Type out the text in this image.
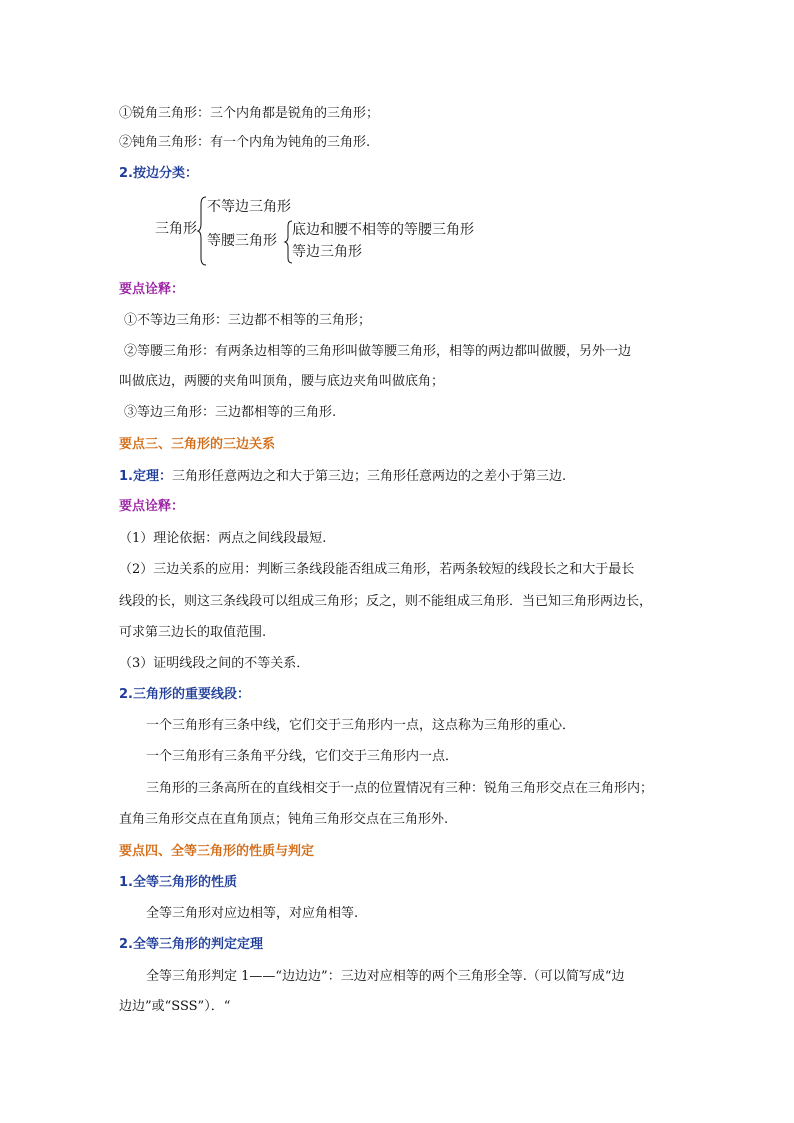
①锐角三角形：三个内角都是锐角的三角形；
②钝角三角形：有一个内角为钝角的三角形.
2.按边分类：
三角形
不等边三角形
等腰三角形
底边和腰不相等的等腰三角形
等边三角形
要点诠释：
①不等边三角形：三边都不相等的三角形；
②等腰三角形：有两条边相等的三角形叫做等腰三角形，相等的两边都叫做腰，另外一边
叫做底边，两腰的夹角叫顶角，腰与底边夹角叫做底角；
③等边三角形：三边都相等的三角形.
要点三、三角形的三边关系
1.定理：三角形任意两边之和大于第三边；三角形任意两边的之差小于第三边.
要点诠释：
（1）理论依据：两点之间线段最短.
（2）三边关系的应用：判断三条线段能否组成三角形，若两条较短的线段长之和大于最长
线段的长，则这三条线段可以组成三角形；反之，则不能组成三角形．当已知三角形两边长，
可求第三边长的取值范围.
（3）证明线段之间的不等关系．
2.三角形的重要线段：
一个三角形有三条中线，它们交于三角形内一点，这点称为三角形的重心．
一个三角形有三条角平分线，它们交于三角形内一点．
三角形的三条高所在的直线相交于一点的位置情况有三种：锐角三角形交点在三角形内；
直角三角形交点在直角顶点；钝角三角形交点在三角形外.
要点四、全等三角形的性质与判定
1.全等三角形的性质
全等三角形对应边相等，对应角相等.
2.全等三角形的判定定理
全等三角形判定 1——“边边边”：三边对应相等的两个三角形全等.（可以简写成“边
边边”或“SSS”）．“
